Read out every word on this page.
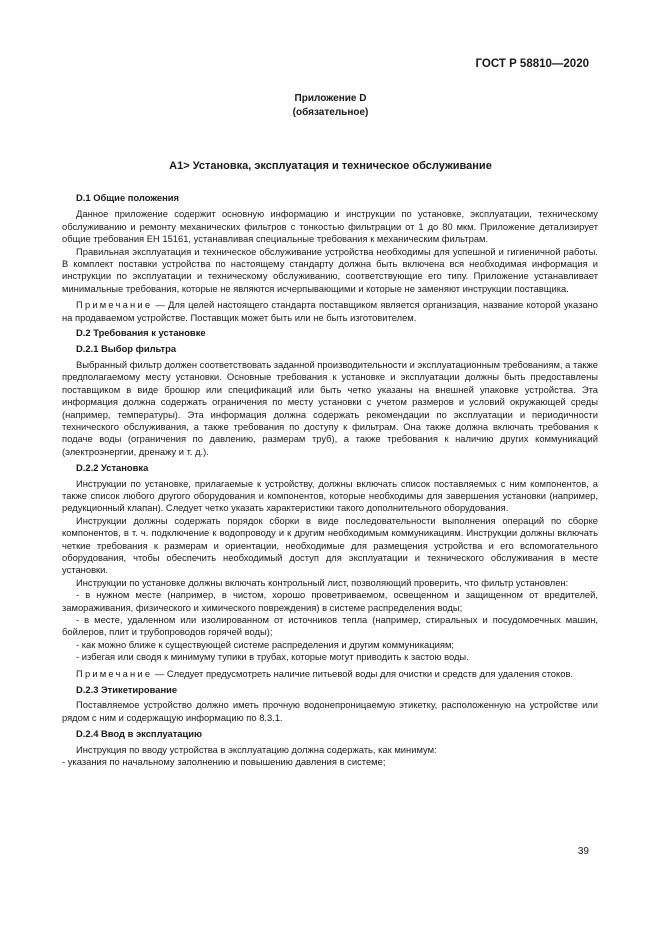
ГОСТ Р 58810—2020
Приложение D
(обязательное)
А1> Установка, эксплуатация и техническое обслуживание
D.1 Общие положения

Данное приложение содержит основную информацию и инструкции по установке, эксплуатации, техническому обслуживанию и ремонту механических фильтров с тонкостью фильтрации от 1 до 80 мкм. Приложение детализирует общие требования ЕН 15161, устанавливая специальные требования к механическим фильтрам.

Правильная эксплуатация и техническое обслуживание устройства необходимы для успешной и гигиеничной работы. В комплект поставки устройства по настоящему стандарту должна быть включена вся необходимая информация и инструкции по эксплуатации и техническому обслуживанию, соответствующие его типу. Приложение устанавливает минимальные требования, которые не являются исчерпывающими и которые не заменяют инструкции поставщика.

Примечание — Для целей настоящего стандарта поставщиком является организация, название которой указано на продаваемом устройстве. Поставщик может быть или не быть изготовителем.

D.2 Требования к установке
D.2.1 Выбор фильтра

Выбранный фильтр должен соответствовать заданной производительности и эксплуатационным требованиям, а также предполагаемому месту установки. Основные требования к установке и эксплуатации должны быть предоставлены поставщиком в виде брошюр или спецификаций или быть четко указаны на внешней упаковке устройства. Эта информация должна содержать ограничения по месту установки с учетом размеров и условий окружающей среды (например, температуры). Эта информация должна содержать рекомендации по эксплуатации и периодичности технического обслуживания, а также требования по доступу к фильтрам. Она также должна включать требования к подаче воды (ограничения по давлению, размерам труб), а также требования к наличию других коммуникаций (электроэнергии, дренажу и т. д.).

D.2.2 Установка

Инструкции по установке, прилагаемые к устройству, должны включать список поставляемых с ним компонентов, а также список любого другого оборудования и компонентов, которые необходимы для завершения установки (например, редукционный клапан). Следует четко указать характеристики такого дополнительного оборудования.

Инструкции должны содержать порядок сборки в виде последовательности выполнения операций по сборке компонентов, в т. ч. подключение к водопроводу и к другим необходимым коммуникациям. Инструкции должны включать четкие требования к размерам и ориентации, необходимые для размещения устройства и его вспомогательного оборудования, чтобы обеспечить необходимый доступ для эксплуатации и технического обслуживания в месте установки.

Инструкции по установке должны включать контрольный лист, позволяющий проверить, что фильтр установлен:

- в нужном месте (например, в чистом, хорошо проветриваемом, освещенном и защищенном от вредителей, замораживания, физического и химического повреждения) в системе распределения воды;

- в месте, удаленном или изолированном от источников тепла (например, стиральных и посудомоечных машин, бойлеров, плит и трубопроводов горячей воды);

- как можно ближе к существующей системе распределения и другим коммуникациям;

- избегая или сводя к минимуму тупики в трубах, которые могут приводить к застою воды.

Примечание — Следует предусмотреть наличие питьевой воды для очистки и средств для удаления стоков.

D.2.3 Этикетирование

Поставляемое устройство должно иметь прочную водонепроницаемую этикетку, расположенную на устройстве или рядом с ним и содержащую информацию по 8.3.1.

D.2.4 Ввод в эксплуатацию

Инструкция по вводу устройства в эксплуатацию должна содержать, как минимум:

- указания по начальному заполнению и повышению давления в системе;

39
